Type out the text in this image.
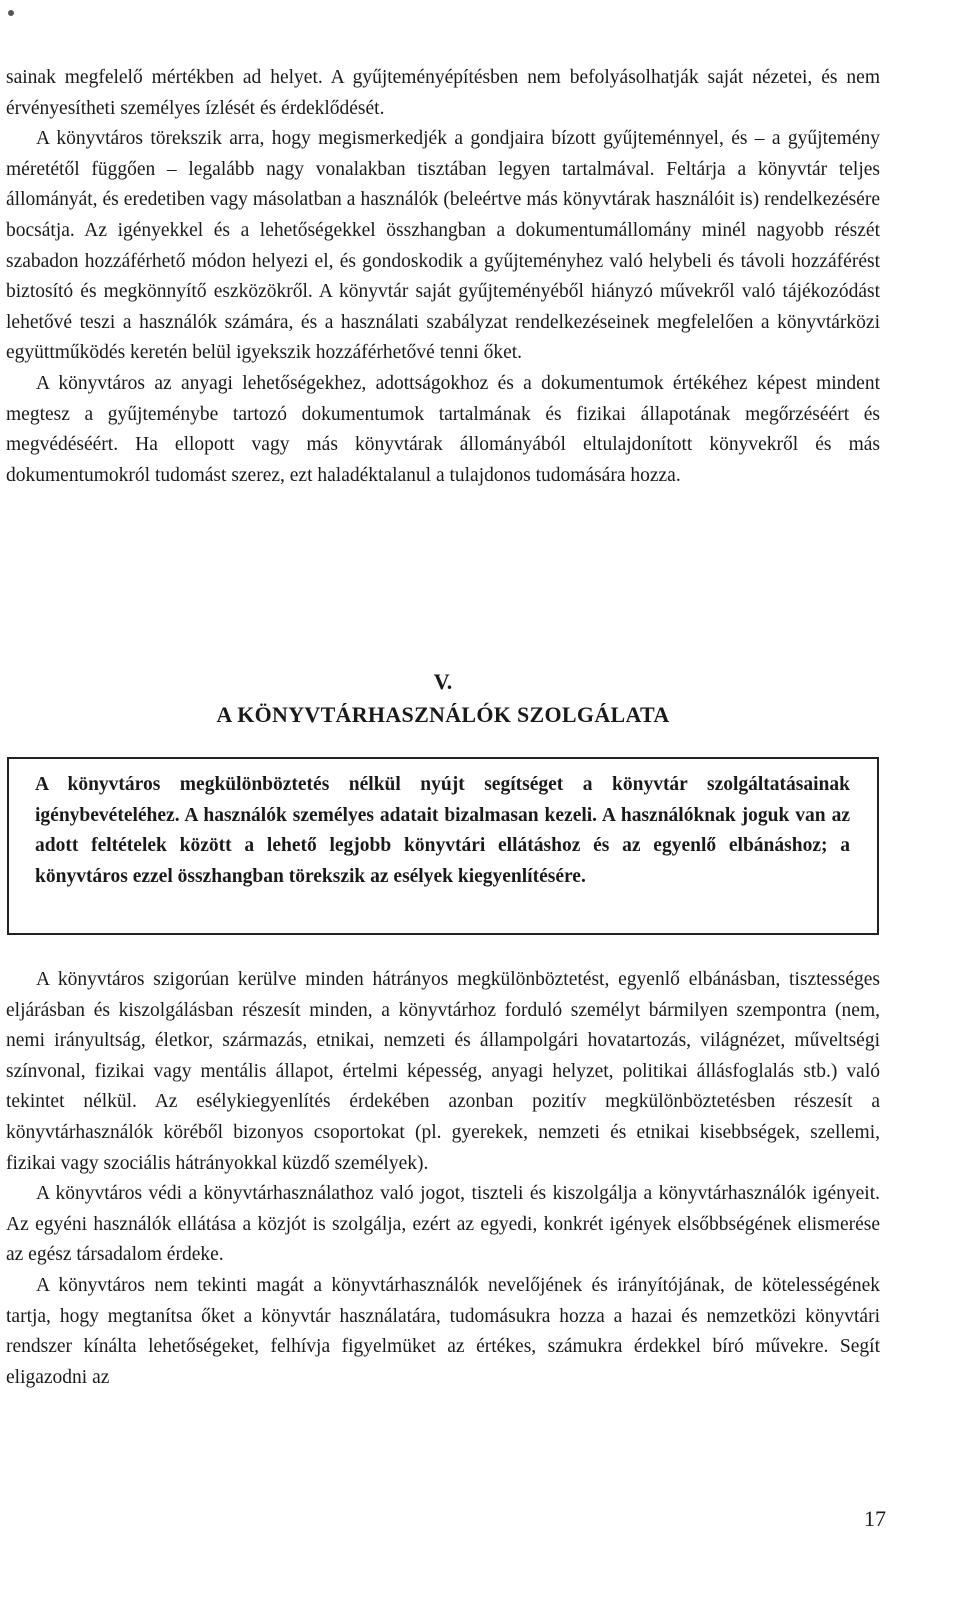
sainak megfelelő mértékben ad helyet. A gyűjteményépítésben nem befolyásolhatják saját nézetei, és nem érvényesítheti személyes ízlését és érdeklődését.

A könyvtáros törekszik arra, hogy megismerkedjék a gondjaira bízott gyűjteménnyel, és – a gyűjtemény méretétől függően – legalább nagy vonalakban tisztában legyen tartalmával. Feltárja a könyvtár teljes állományát, és eredetiben vagy másolatban a használók (beleértve más könyvtárak használóit is) rendelkezésére bocsátja. Az igényekkel és a lehetőségekkel összhangban a dokumentumállomány minél nagyobb részét szabadon hozzáférhető módon helyezi el, és gondoskodik a gyűjteményhez való helybeli és távoli hozzáférést biztosító és megkönnyítő eszközökről. A könyvtár saját gyűjteményéből hiányzó művekről való tájékozódást lehetővé teszi a használók számára, és a használati szabályzat rendelkezéseinek megfelelően a könyvtárközi együttműködés keretén belül igyekszik hozzáférhetővé tenni őket.

A könyvtáros az anyagi lehetőségekhez, adottságokhoz és a dokumentumok értékéhez képest mindent megtesz a gyűjteménybe tartozó dokumentumok tartalmának és fizikai állapotának megőrzéséért és megvédéséért. Ha ellopott vagy más könyvtárak állományából eltulajdonított könyvekről és más dokumentumokról tudomást szerez, ezt haladéktalanul a tulajdonos tudomására hozza.

V.
A KÖNYVTÁRHASZNÁLÓK SZOLGÁLATA
A könyvtáros megkülönböztetés nélkül nyújt segítséget a könyvtár szolgáltatásainak igénybevételéhez. A használók személyes adatait bizalmasan kezeli. A használóknak joguk van az adott feltételek között a lehető legjobb könyvtári ellátáshoz és az egyenlő elbánáshoz; a könyvtáros ezzel összhangban törekszik az esélyek kiegyenlítésére.

A könyvtáros szigorúan kerülve minden hátrányos megkülönböztetést, egyenlő elbánásban, tisztességes eljárásban és kiszolgálásban részesít minden, a könyvtárhoz forduló személyt bármilyen szempontra (nem, nemi irányultság, életkor, származás, etnikai, nemzeti és állampolgári hovatartozás, világnézet, műveltségi színvonal, fizikai vagy mentális állapot, értelmi képesség, anyagi helyzet, politikai állásfoglalás stb.) való tekintet nélkül. Az esélykiegyenlítés érdekében azonban pozitív megkülönböztetésben részesít a könyvtárhasználók köréből bizonyos csoportokat (pl. gyerekek, nemzeti és etnikai kisebbségek, szellemi, fizikai vagy szociális hátrányokkal küzdő személyek).

A könyvtáros védi a könyvtárhasználathoz való jogot, tiszteli és kiszolgálja a könyvtárhasználók igényeit. Az egyéni használók ellátása a közjót is szolgálja, ezért az egyedi, konkrét igények elsőbbségének elismerése az egész társadalom érdeke.

A könyvtáros nem tekinti magát a könyvtárhasználók nevelőjének és irányítójának, de kötelességének tartja, hogy megtanítsa őket a könyvtár használatára, tudomásukra hozza a hazai és nemzetközi könyvtári rendszer kínálta lehetőségeket, felhívja figyelmüket az értékes, számukra érdekkel bíró művekre. Segít eligazodni az

17
